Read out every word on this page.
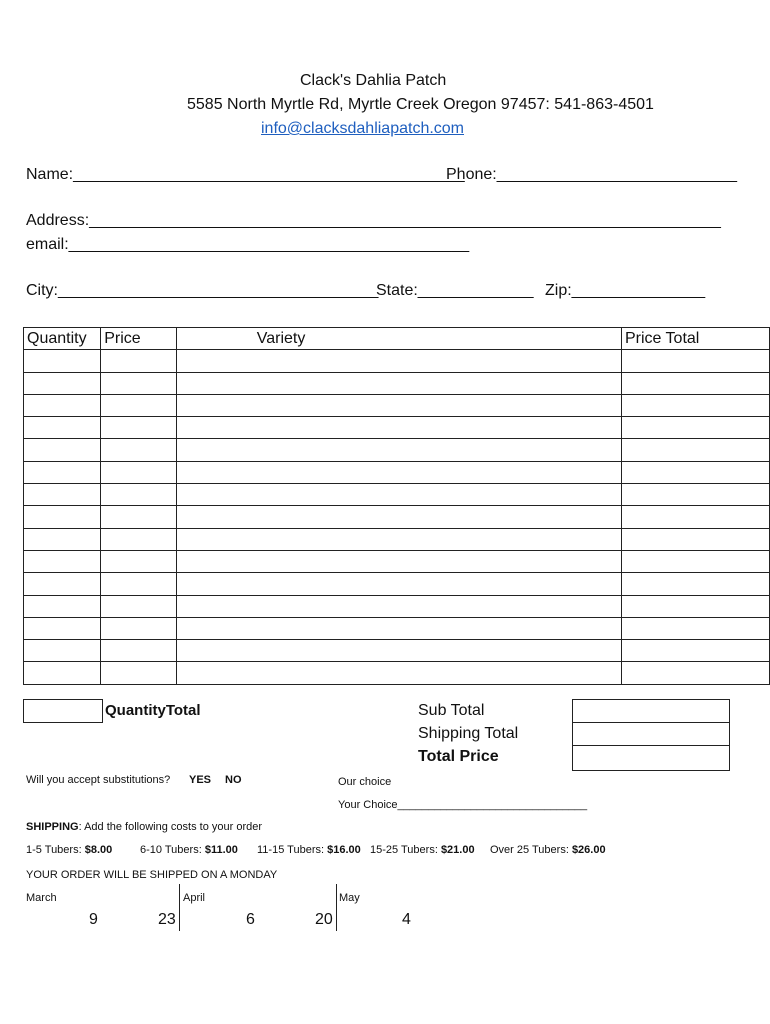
Clack's Dahlia Patch
5585 North Myrtle Rd, Myrtle Creek Oregon 97457: 541-863-4501
info@clacksdahliapatch.com
Name:____________________________________________
Phone:___________________________
Address:_______________________________________________________________________
email:_____________________________________________
City:____________________________________
State:_____________ Zip:_______________
Quantity	Price	Variety	Price Total

QuantityTotal	Sub Total
Shipping Total
Total Price
Will you accept substitutions? YES NO	Our choice
Your Choice_______________________________
SHIPPING: Add the following costs to your order
1-5 Tubers: $8.00	6-10 Tubers: $11.00 11-15 Tubers: $16.00 15-25 Tubers: $21.00 Over 25 Tubers: $26.00
YOUR ORDER WILL BE SHIPPED ON A MONDAY
March	April	May
9	23	6	20	4
